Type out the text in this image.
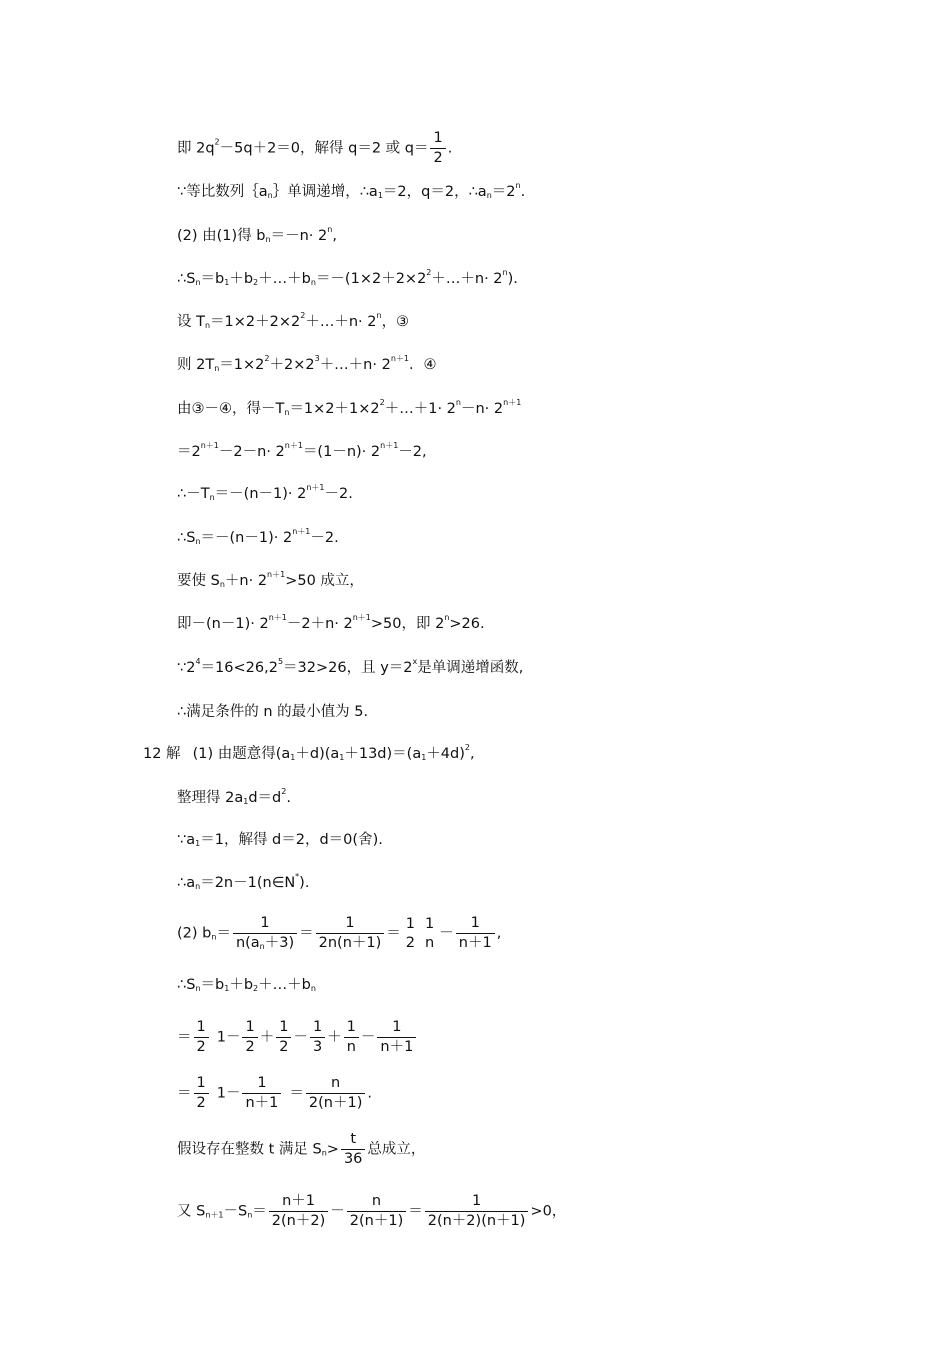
即 $2q^2-5q+2=0$，解得 q＝2 或 $q= \frac{1}{2}$ .
∵等比数列$\{a_n\}$单调递增，$\therefore a_1=2$，q＝2，$\therefore a_n=2^n$.
(2) 由(1)得 $b_n=-n\cdot 2^n$,
$\therefore S_n=b_1+b_2+\dots+b_n=-(1\times 2+2\times 2^2+\dots+n\cdot 2^n)$.
设 $T_n=1\times 2+2\times 2^2+\dots+n\cdot 2^n$，③
则 $2T_n=1\times 2^2+2\times 2^3+\dots+n\cdot 2^{n+1}$．④
由③－④，得$-T_n=1\times 2+1\times 2^2+\dots+1\cdot 2^n-n\cdot 2^{n+1}$
$=2^{n+1}-2-n\cdot 2^{n+1}=(1-n)\cdot 2^{n+1}-2$,
$\therefore-T_n=-(n-1)\cdot 2^{n+1}-2$.
$\therefore S_n=-(n-1)\cdot 2^{n+1}-2$.
要使 $S_n+n\cdot 2^{n+1}>50$ 成立，
即$-(n-1)\cdot 2^{n+1}-2+n\cdot 2^{n+1}>50$，即 $2^n>26$.
$\because 2^4=16<26,2^5=32>26$，且 $y=2^x$是单调递增函数,
∴满足条件的 n 的最小值为 5.
12 解 (1) 由题意得$(a_1+d)(a_1+13d)=(a_1+4d)^2$,
整理得 $2a_1d=d^2$.
$\because a_1=1$，解得 d＝2，d＝0(舍).
$\therefore a_n=2n-1(n\in N^*)$.
(2) $b_n= \frac{1}{n(a_n+3)} = \frac{1}{2n(n+1)}$ ＝
1
2
1
n
－ $\frac{1}{n+1}$ ,
$\therefore S_n=b_1+b_2+\dots+b_n$
＝ $\frac{1}{2} 1- \frac{1}{2} + \frac{1}{2} - \frac{1}{3} + \frac{1}{n} - \frac{1}{n+1}$
＝ $\frac{1}{2} 1- \frac{1}{n+1} = \frac{n}{2(n+1)}$ .
假设存在整数 t 满足 $S_n> \frac{t}{36}$ 总成立，
又 $S_{n+1}-S_n= \frac{n+1}{2(n+2)} - \frac{n}{2(n+1)} = \frac{1}{2(n+2)(n+1)} >0$，
